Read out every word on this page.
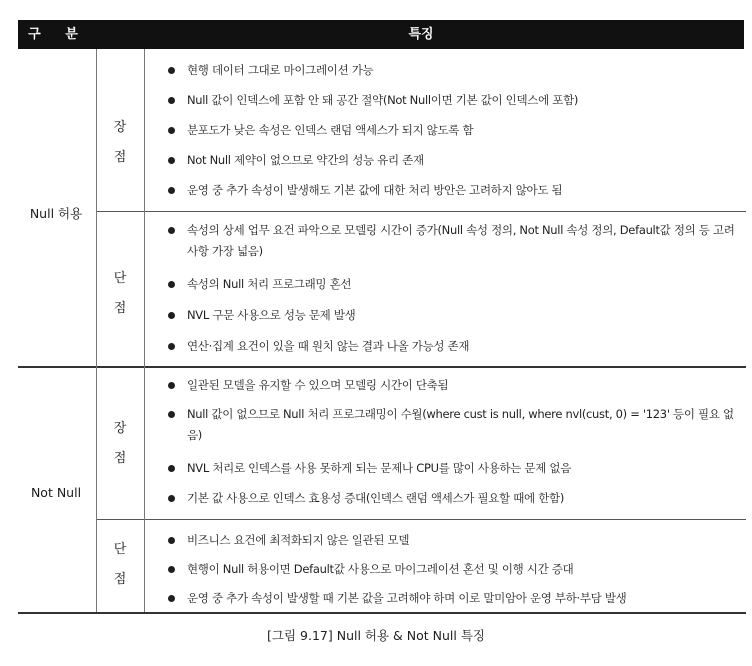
구 분	특징
Null 허용
Not Null
장
점
단
점
장
점
단
점
현행 데이터 그대로 마이그레이션 가능
Null 값이 인덱스에 포함 안 돼 공간 절약(Not Null이면 기본 값이 인덱스에 포함)
분포도가 낮은 속성은 인덱스 랜덤 액세스가 되지 않도록 함
Not Null 제약이 없으므로 약간의 성능 유리 존재
운영 중 추가 속성이 발생해도 기본 값에 대한 처리 방안은 고려하지 않아도 됨
속성의 상세 업무 요건 파악으로 모델링 시간이 증가(Null 속성 정의, Not Null 속성 정의, Default값 정의 등 고려 사항 가장 넓음)
속성의 Null 처리 프로그래밍 혼선
NVL 구문 사용으로 성능 문제 발생
연산·집계 요건이 있을 때 원치 않는 결과 나올 가능성 존재
일관된 모델을 유지할 수 있으며 모델링 시간이 단축됨
Null 값이 없으므로 Null 처리 프로그래밍이 수월(where cust is null, where nvl(cust, 0) = '123' 등이 필요 없음)
NVL 처리로 인덱스를 사용 못하게 되는 문제나 CPU를 많이 사용하는 문제 없음
기본 값 사용으로 인덱스 효용성 증대(인덱스 랜덤 액세스가 필요할 때에 한함)
비즈니스 요건에 최적화되지 않은 일관된 모델
현행이 Null 허용이면 Default값 사용으로 마이그레이션 혼선 및 이행 시간 증대
운영 중 추가 속성이 발생할 때 기본 값을 고려해야 하며 이로 말미암아 운영 부하·부담 발생
[그림 9.17] Null 허용 & Not Null 특징
